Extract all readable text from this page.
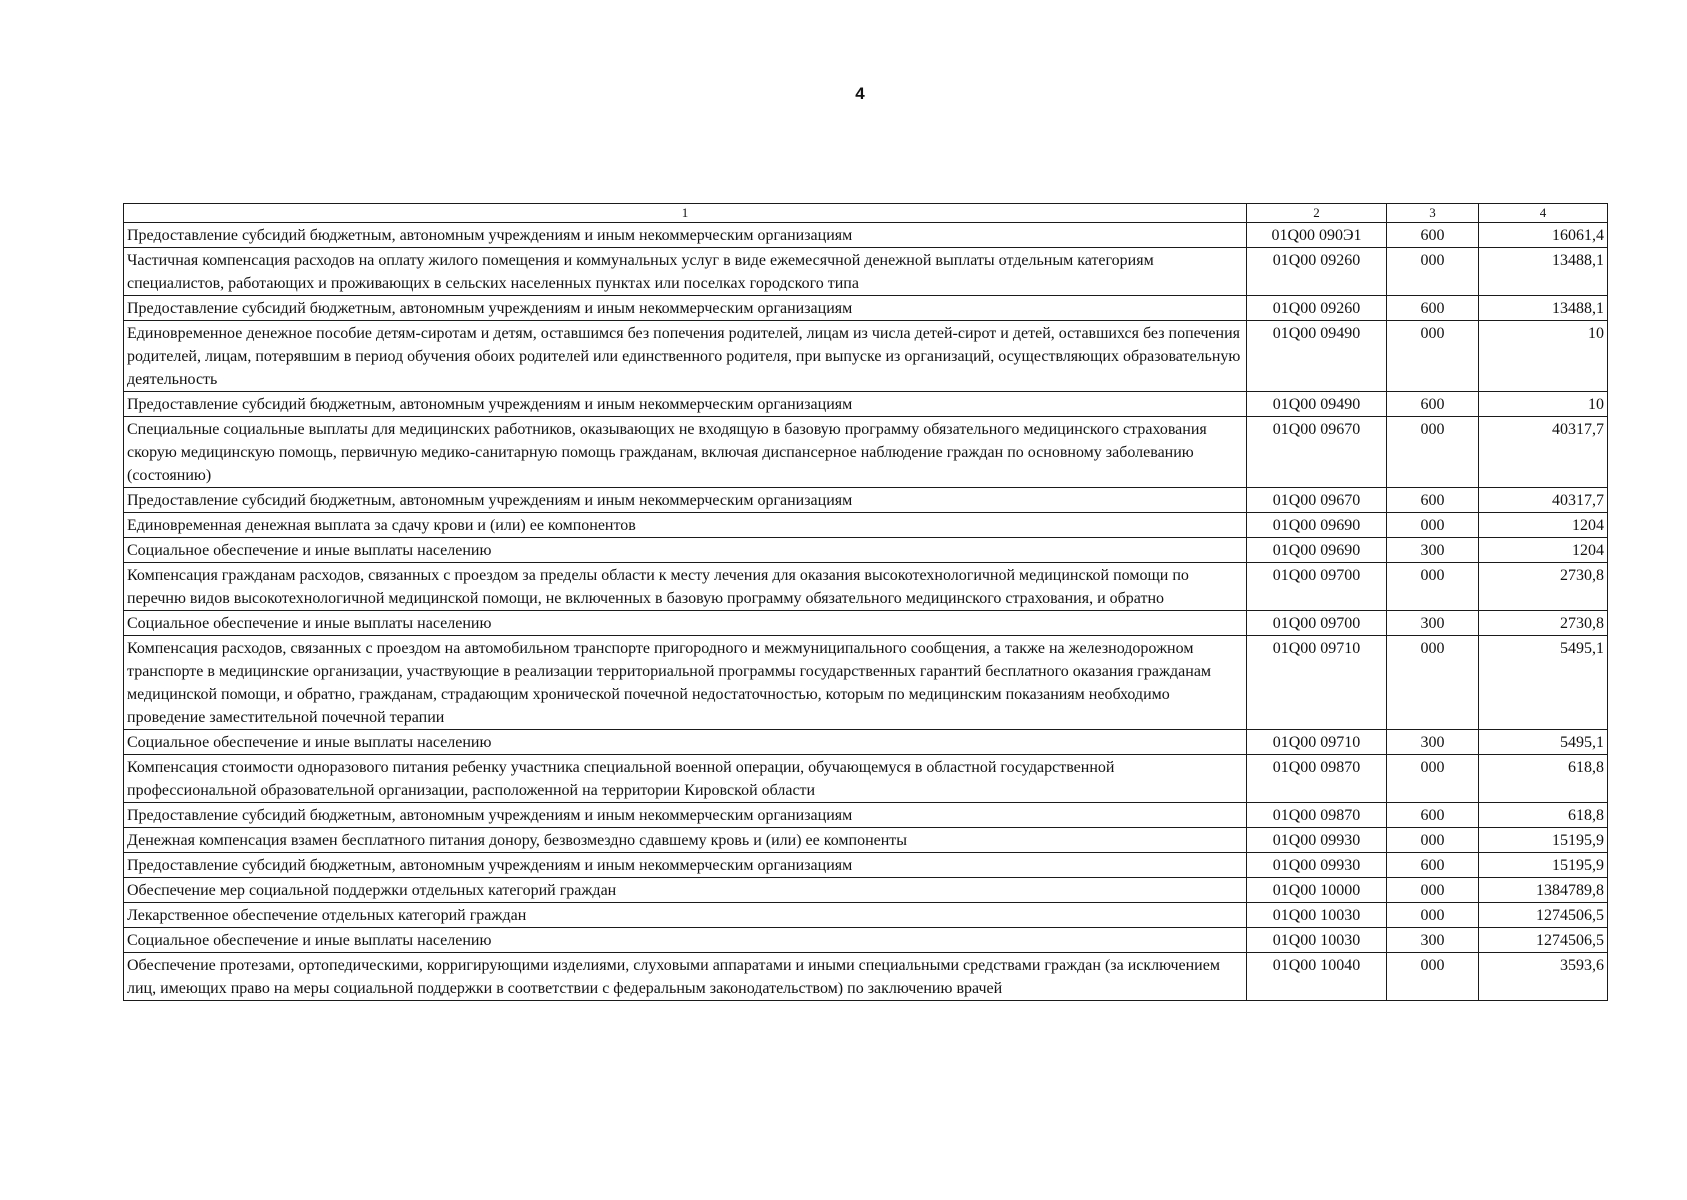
4
1	2	3	4
Предоставление субсидий бюджетным, автономным учреждениям и иным некоммерческим организациям	01Q00 090Э1	600	16061,4
Частичная компенсация расходов на оплату жилого помещения и коммунальных услуг в виде ежемесячной денежной выплаты отдельным категориям специалистов, работающих и проживающих в сельских населенных пунктах или поселках городского типа	01Q00 09260	000	13488,1
Предоставление субсидий бюджетным, автономным учреждениям и иным некоммерческим организациям	01Q00 09260	600	13488,1
Единовременное денежное пособие детям-сиротам и детям, оставшимся без попечения родителей, лицам из числа детей-сирот и детей, оставшихся без попечения родителей, лицам, потерявшим в период обучения обоих родителей или единственного родителя, при выпуске из организаций, осуществляющих образовательную деятельность	01Q00 09490	000	10
Предоставление субсидий бюджетным, автономным учреждениям и иным некоммерческим организациям	01Q00 09490	600	10
Специальные социальные выплаты для медицинских работников, оказывающих не входящую в базовую программу обязательного медицинского страхования скорую медицинскую помощь, первичную медико-санитарную помощь гражданам, включая диспансерное наблюдение граждан по основному заболеванию (состоянию)	01Q00 09670	000	40317,7
Предоставление субсидий бюджетным, автономным учреждениям и иным некоммерческим организациям	01Q00 09670	600	40317,7
Единовременная денежная выплата за сдачу крови и (или) ее компонентов	01Q00 09690	000	1204
Социальное обеспечение и иные выплаты населению	01Q00 09690	300	1204
Компенсация гражданам расходов, связанных с проездом за пределы области к месту лечения для оказания высокотехнологичной медицинской помощи по перечню видов высокотехнологичной медицинской помощи, не включенных в базовую программу обязательного медицинского страхования, и обратно	01Q00 09700	000	2730,8
Социальное обеспечение и иные выплаты населению	01Q00 09700	300	2730,8
Компенсация расходов, связанных с проездом на автомобильном транспорте пригородного и межмуниципального сообщения, а также на железнодорожном транспорте в медицинские организации, участвующие в реализации территориальной программы государственных гарантий бесплатного оказания гражданам медицинской помощи, и обратно, гражданам, страдающим хронической почечной недостаточностью, которым по медицинским показаниям необходимо проведение заместительной почечной терапии	01Q00 09710	000	5495,1
Социальное обеспечение и иные выплаты населению	01Q00 09710	300	5495,1
Компенсация стоимости одноразового питания ребенку участника специальной военной операции, обучающемуся в областной государственной профессиональной образовательной организации, расположенной на территории Кировской области	01Q00 09870	000	618,8
Предоставление субсидий бюджетным, автономным учреждениям и иным некоммерческим организациям	01Q00 09870	600	618,8
Денежная компенсация взамен бесплатного питания донору, безвозмездно сдавшему кровь и (или) ее компоненты	01Q00 09930	000	15195,9
Предоставление субсидий бюджетным, автономным учреждениям и иным некоммерческим организациям	01Q00 09930	600	15195,9
Обеспечение мер социальной поддержки отдельных категорий граждан	01Q00 10000	000	1384789,8
Лекарственное обеспечение отдельных категорий граждан	01Q00 10030	000	1274506,5
Социальное обеспечение и иные выплаты населению	01Q00 10030	300	1274506,5
Обеспечение протезами, ортопедическими, корригирующими изделиями, слуховыми аппаратами и иными специальными средствами граждан (за исключением лиц, имеющих право на меры социальной поддержки в соответствии с федеральным законодательством) по заключению врачей	01Q00 10040	000	3593,6
